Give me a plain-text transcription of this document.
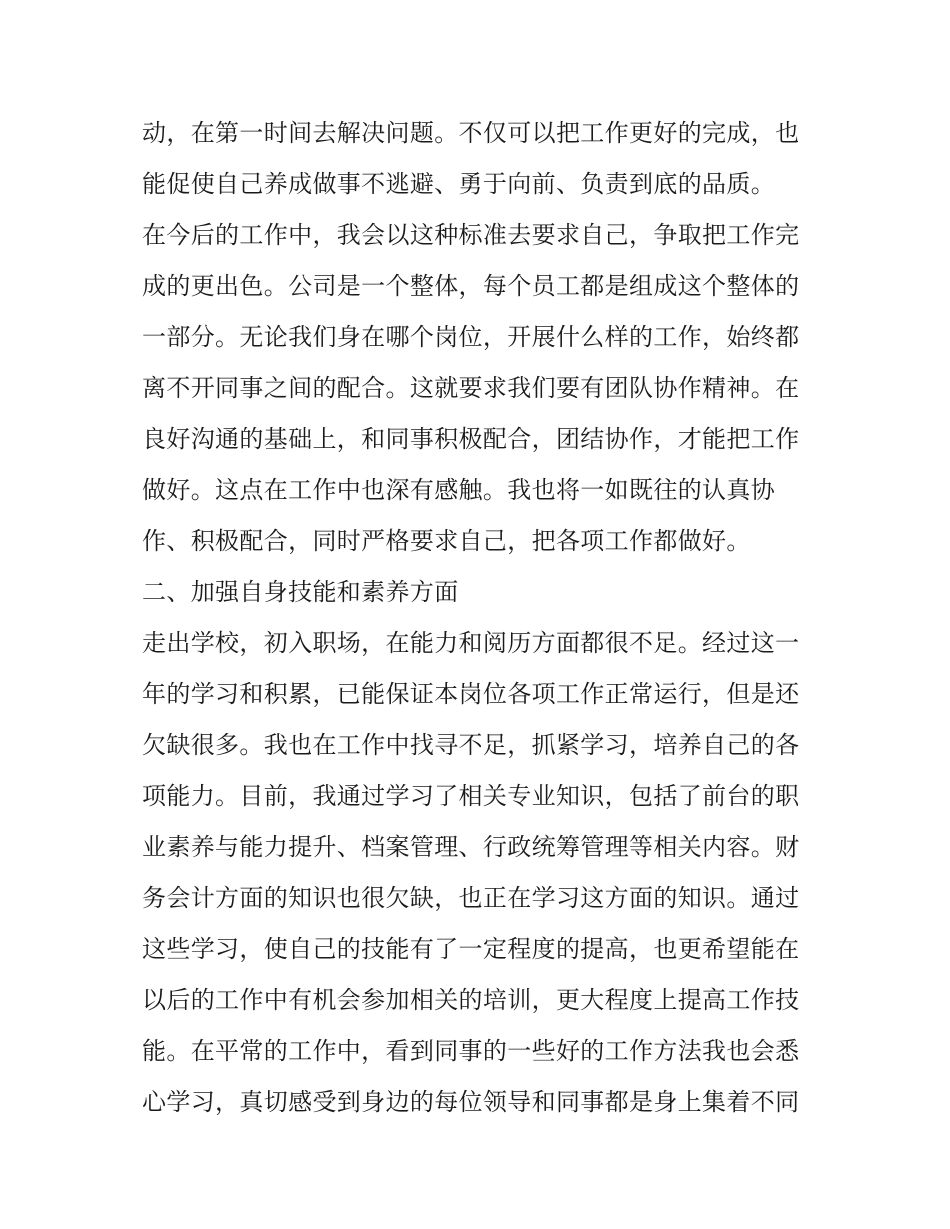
动，在第一时间去解决问题。不仅可以把工作更好的完成，也
能促使自己养成做事不逃避、勇于向前、负责到底的品质。
在今后的工作中，我会以这种标准去要求自己，争取把工作完
成的更出色。公司是一个整体，每个员工都是组成这个整体的
一部分。无论我们身在哪个岗位，开展什么样的工作，始终都
离不开同事之间的配合。这就要求我们要有团队协作精神。在
良好沟通的基础上，和同事积极配合，团结协作，才能把工作
做好。这点在工作中也深有感触。我也将一如既往的认真协
作、积极配合，同时严格要求自己，把各项工作都做好。
二、加强自身技能和素养方面
走出学校，初入职场，在能力和阅历方面都很不足。经过这一
年的学习和积累，已能保证本岗位各项工作正常运行，但是还
欠缺很多。我也在工作中找寻不足，抓紧学习，培养自己的各
项能力。目前，我通过学习了相关专业知识，包括了前台的职
业素养与能力提升、档案管理、行政统筹管理等相关内容。财
务会计方面的知识也很欠缺，也正在学习这方面的知识。通过
这些学习，使自己的技能有了一定程度的提高，也更希望能在
以后的工作中有机会参加相关的培训，更大程度上提高工作技
能。在平常的工作中，看到同事的一些好的工作方法我也会悉
心学习，真切感受到身边的每位领导和同事都是身上集着不同
